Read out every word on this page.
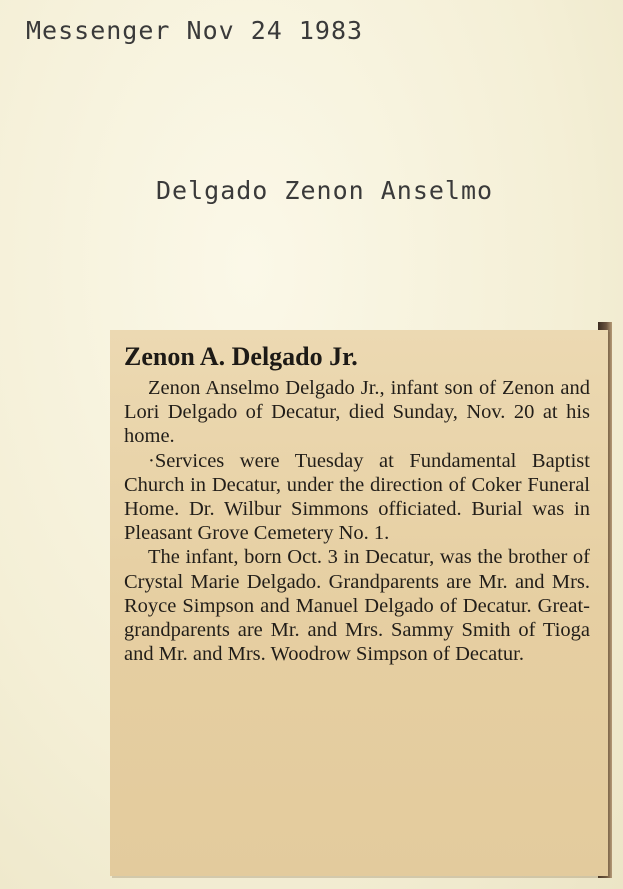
Messenger Nov 24 1983
Delgado Zenon Anselmo
Zenon A. Delgado Jr.

Zenon Anselmo Delgado Jr., infant son of Zenon and Lori Delgado of Decatur, died Sunday, Nov. 20 at his home.

·Services were Tuesday at Fundamental Baptist Church in Decatur, under the direction of Coker Funeral Home. Dr. Wilbur Simmons officiated. Burial was in Pleasant Grove Cemetery No. 1.

The infant, born Oct. 3 in Decatur, was the brother of Crystal Marie Delgado. Grandparents are Mr. and Mrs. Royce Simpson and Manuel Delgado of Decatur. Great-grandparents are Mr. and Mrs. Sammy Smith of Tioga and Mr. and Mrs. Woodrow Simpson of Decatur.
